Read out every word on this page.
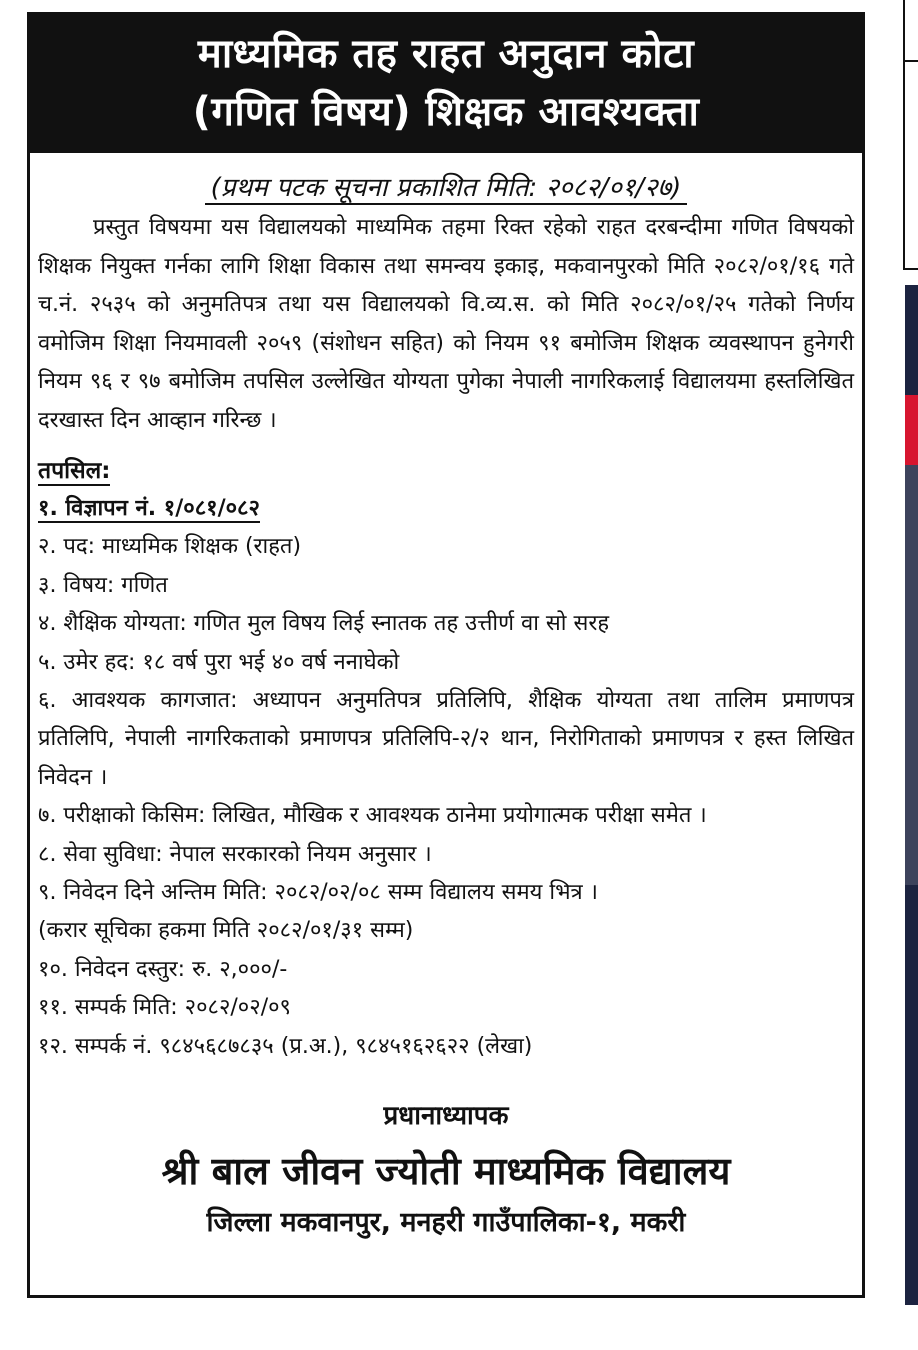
माध्यमिक तह राहत अनुदान कोटा
(गणित विषय) शिक्षक आवश्यक्ता
(प्रथम पटक सूचना प्रकाशित मिति: २०८२/०१/२७)

प्रस्तुत विषयमा यस विद्यालयको माध्यमिक तहमा रिक्त रहेको राहत दरबन्दीमा गणित विषयको शिक्षक नियुक्त गर्नका लागि शिक्षा विकास तथा समन्वय इकाइ, मकवानपुरको मिति २०८२/०१/१६ गते च.नं. २५३५ को अनुमतिपत्र तथा यस विद्यालयको वि.व्य.स. को मिति २०८२/०१/२५ गतेको निर्णय वमोजिम शिक्षा नियमावली २०५९ (संशोधन सहित) को नियम ९१ बमोजिम शिक्षक व्यवस्थापन हुनेगरी नियम ९६ र ९७ बमोजिम तपसिल उल्लेखित योग्यता पुगेका नेपाली नागरिकलाई विद्यालयमा हस्तलिखित दरखास्त दिन आव्हान गरिन्छ ।

तपसिल:
१. विज्ञापन नं. १/०८१/०८२
२. पद: माध्यमिक शिक्षक (राहत)
३. विषय: गणित
४. शैक्षिक योग्यता: गणित मुल विषय लिई स्नातक तह उत्तीर्ण वा सो सरह
५. उमेर हद: १८ वर्ष पुरा भई ४० वर्ष ननाघेको
६. आवश्यक कागजात: अध्यापन अनुमतिपत्र प्रतिलिपि, शैक्षिक योग्यता तथा तालिम प्रमाणपत्र प्रतिलिपि, नेपाली नागरिकताको प्रमाणपत्र प्रतिलिपि-२/२ थान, निरोगिताको प्रमाणपत्र र हस्त लिखित निवेदन ।
७. परीक्षाको किसिम: लिखित, मौखिक र आवश्यक ठानेमा प्रयोगात्मक परीक्षा समेत ।
८. सेवा सुविधा: नेपाल सरकारको नियम अनुसार ।
९. निवेदन दिने अन्तिम मिति: २०८२/०२/०८ सम्म विद्यालय समय भित्र ।
(करार सूचिका हकमा मिति २०८२/०१/३१ सम्म)
१०. निवेदन दस्तुर: रु. २,०००/-
११. सम्पर्क मिति: २०८२/०२/०९
१२. सम्पर्क नं. ९८४५६८७८३५ (प्र.अ.), ९८४५१६२६२२ (लेखा)
प्रधानाध्यापक
श्री बाल जीवन ज्योती माध्यमिक विद्यालय
जिल्ला मकवानपुर, मनहरी गाउँपालिका-१, मकरी
